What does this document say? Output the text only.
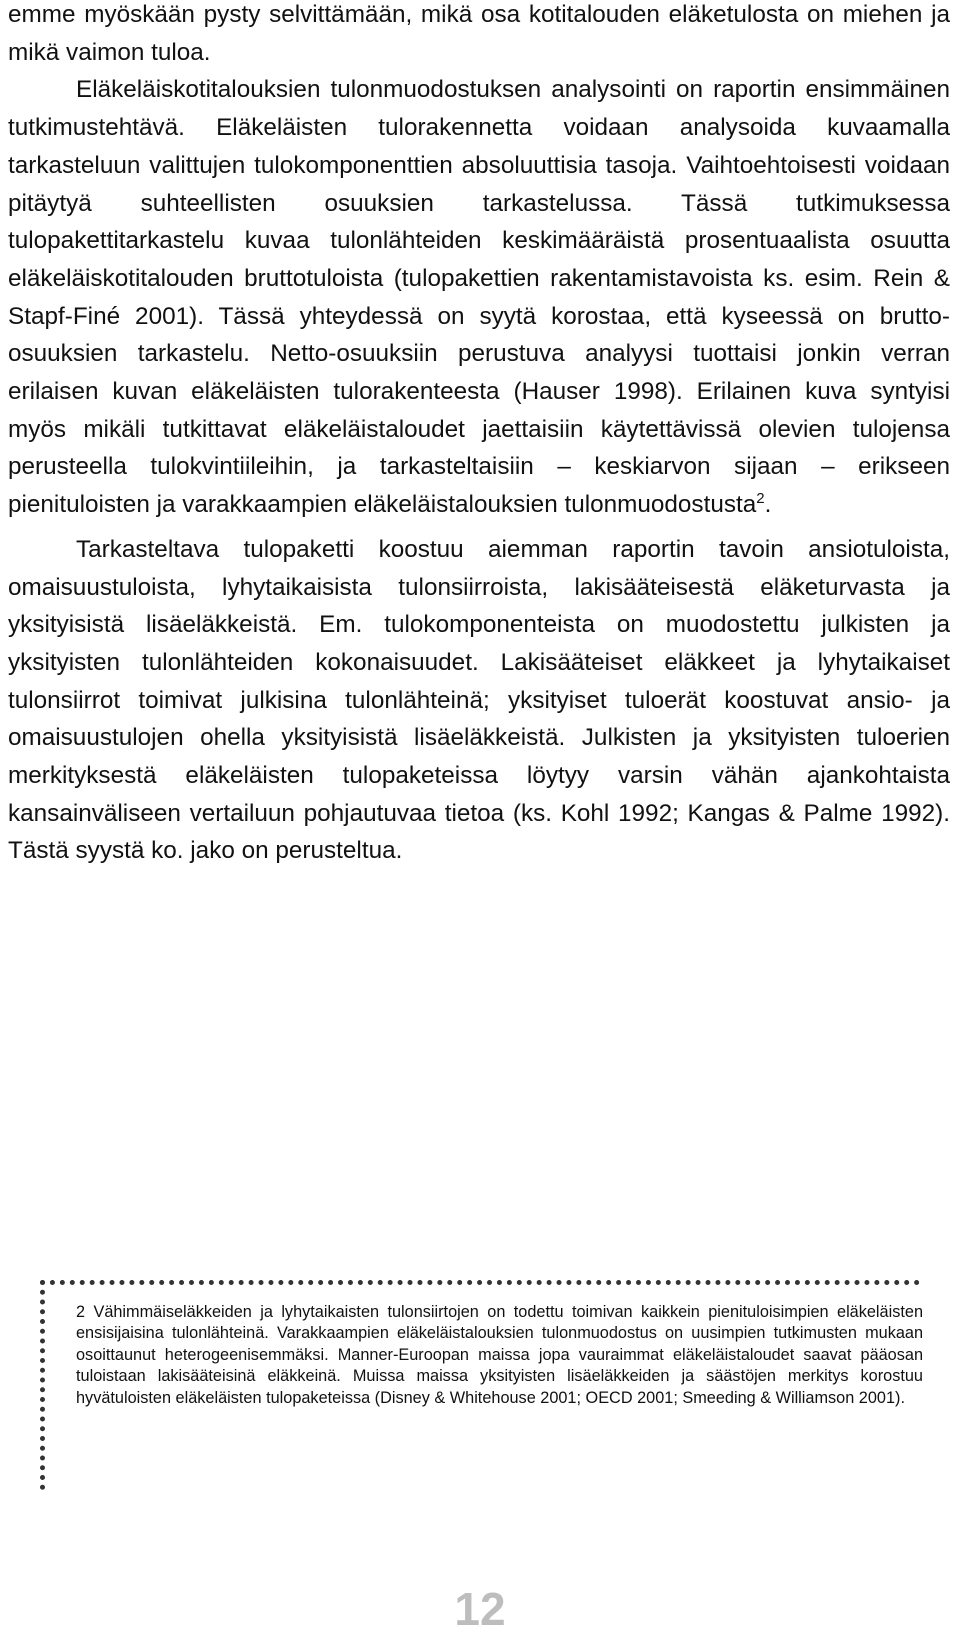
emme myöskään pysty selvittämään, mikä osa kotitalouden eläketulosta on miehen ja mikä vaimon tuloa.

Eläkeläiskotitalouksien tulonmuodostuksen analysointi on raportin ensimmäinen tutkimustehtävä. Eläkeläisten tulorakennetta voidaan analysoida kuvaamalla tarkasteluun valittujen tulokomponenttien absoluuttisia tasoja. Vaihtoehtoisesti voidaan pitäytyä suhteellisten osuuksien tarkastelussa. Tässä tutkimuksessa tulopakettitarkastelu kuvaa tulonlähteiden keskimääräistä prosentuaalista osuutta eläkeläiskotitalouden bruttotuloista (tulopakettien rakentamistavoista ks. esim. Rein & Stapf-Finé 2001). Tässä yhteydessä on syytä korostaa, että kyseessä on brutto-osuuksien tarkastelu. Netto-osuuksiin perustuva analyysi tuottaisi jonkin verran erilaisen kuvan eläkeläisten tulorakenteesta (Hauser 1998). Erilainen kuva syntyisi myös mikäli tutkittavat eläkeläistaloudet jaettaisiin käytettävissä olevien tulojensa perusteella tulokvintiileihin, ja tarkasteltaisiin – keskiarvon sijaan – erikseen pienituloisten ja varakkaampien eläkeläistalouksien tulonmuodostusta$^2$.

Tarkasteltava tulopaketti koostuu aiemman raportin tavoin ansiotuloista, omaisuustuloista, lyhytaikaisista tulonsiirroista, lakisääteisestä eläketurvasta ja yksityisistä lisäeläkkeistä. Em. tulokomponenteista on muodostettu julkisten ja yksityisten tulonlähteiden kokonaisuudet. Lakisääteiset eläkkeet ja lyhytaikaiset tulonsiirrot toimivat julkisina tulonlähteinä; yksityiset tuloerät koostuvat ansio- ja omaisuustulojen ohella yksityisistä lisäeläkkeistä. Julkisten ja yksityisten tuloerien merkityksestä eläkeläisten tulopaketeissa löytyy varsin vähän ajankohtaista kansainväliseen vertailuun pohjautuvaa tietoa (ks. Kohl 1992; Kangas & Palme 1992). Tästä syystä ko. jako on perusteltua.

2 Vähimmäiseläkkeiden ja lyhytaikaisten tulonsiirtojen on todettu toimivan kaikkein pienituloisimpien eläkeläisten ensisijaisina tulonlähteinä. Varakkaampien eläkeläistalouksien tulonmuodostus on uusimpien tutkimusten mukaan osoittaunut heterogeenisemmäksi. Manner-Euroopan maissa jopa vauraimmat eläkeläistaloudet saavat pääosan tuloistaan lakisääteisinä eläkkeinä. Muissa maissa yksityisten lisäeläkkeiden ja säästöjen merkitys korostuu hyvätuloisten eläkeläisten tulopaketeissa (Disney & Whitehouse 2001; OECD 2001; Smeeding & Williamson 2001).

12
